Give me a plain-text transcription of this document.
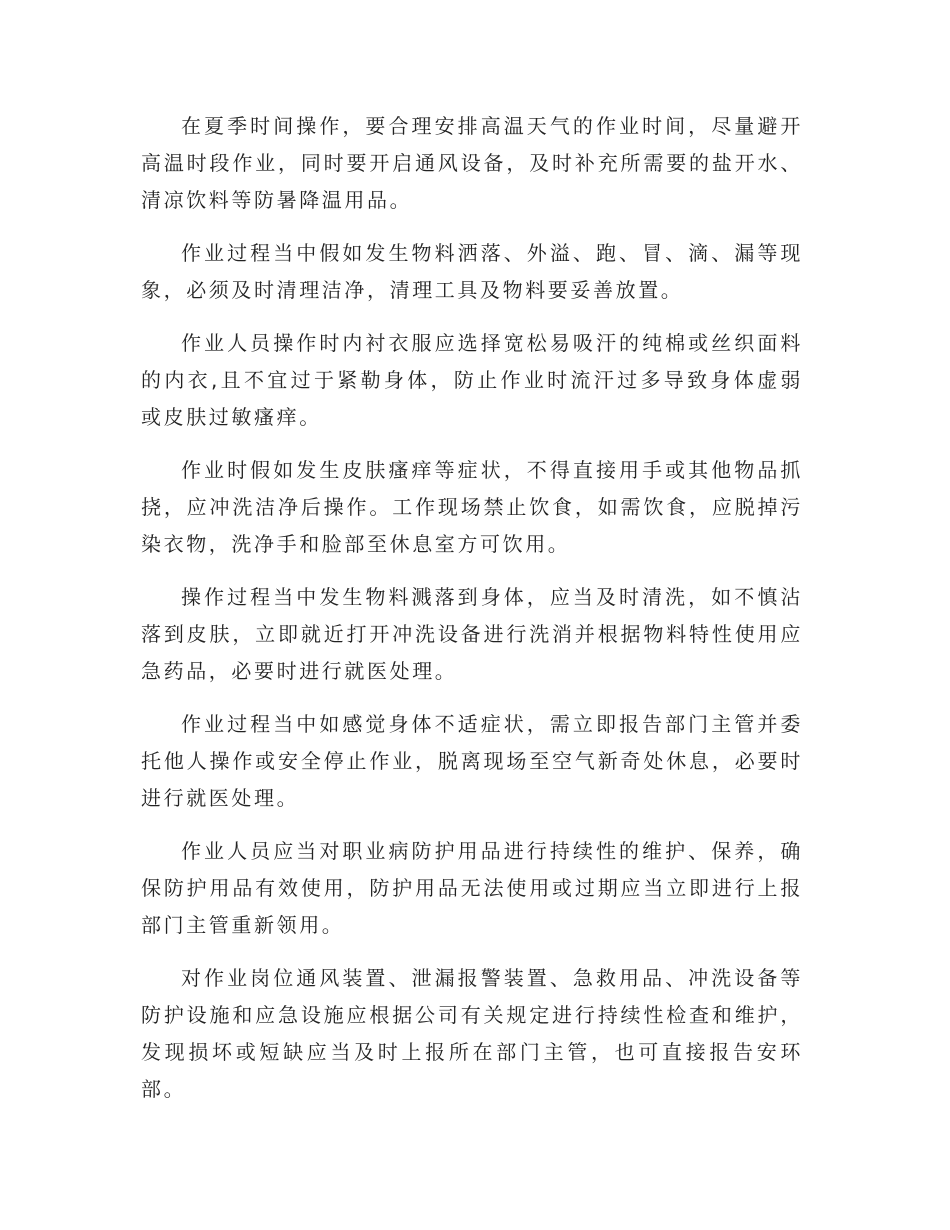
在夏季时间操作，要合理安排高温天气的作业时间，尽量避开高温时段作业，同时要开启通风设备，及时补充所需要的盐开水、清凉饮料等防暑降温用品。

作业过程当中假如发生物料洒落、外溢、跑、冒、滴、漏等现象，必须及时清理洁净，清理工具及物料要妥善放置。

作业人员操作时内衬衣服应选择宽松易吸汗的纯棉或丝织面料的内衣,且不宜过于紧勒身体，防止作业时流汗过多导致身体虚弱或皮肤过敏瘙痒。

作业时假如发生皮肤瘙痒等症状，不得直接用手或其他物品抓挠，应冲洗洁净后操作。工作现场禁止饮食，如需饮食，应脱掉污染衣物，洗净手和脸部至休息室方可饮用。

操作过程当中发生物料溅落到身体，应当及时清洗，如不慎沾落到皮肤，立即就近打开冲洗设备进行洗消并根据物料特性使用应急药品，必要时进行就医处理。

作业过程当中如感觉身体不适症状，需立即报告部门主管并委托他人操作或安全停止作业，脱离现场至空气新奇处休息，必要时进行就医处理。

作业人员应当对职业病防护用品进行持续性的维护、保养，确保防护用品有效使用，防护用品无法使用或过期应当立即进行上报部门主管重新领用。

对作业岗位通风装置、泄漏报警装置、急救用品、冲洗设备等防护设施和应急设施应根据公司有关规定进行持续性检查和维护，发现损坏或短缺应当及时上报所在部门主管，也可直接报告安环部。
